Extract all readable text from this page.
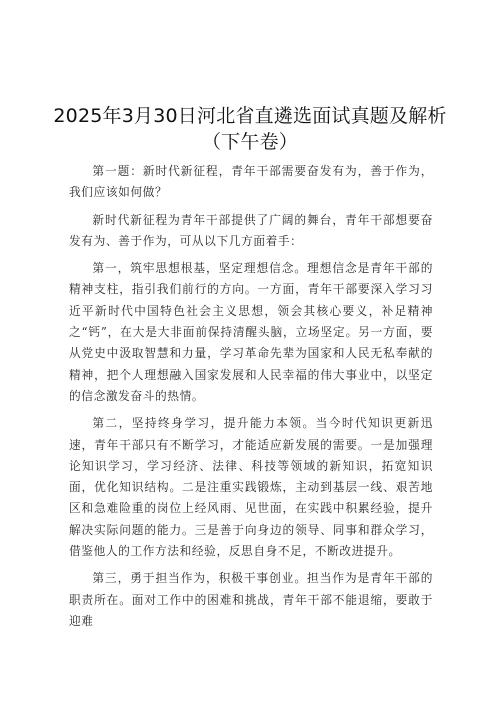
2025年3月30日河北省直遴选面试真题及解析
（下午卷）

第一题：新时代新征程，青年干部需要奋发有为，善于作为，我们应该如何做？

新时代新征程为青年干部提供了广阔的舞台，青年干部想要奋发有为、善于作为，可从以下几方面着手：

第一，筑牢思想根基，坚定理想信念。理想信念是青年干部的精神支柱，指引我们前行的方向。一方面，青年干部要深入学习习近平新时代中国特色社会主义思想，领会其核心要义，补足精神之“钙”，在大是大非面前保持清醒头脑，立场坚定。另一方面，要从党史中汲取智慧和力量，学习革命先辈为国家和人民无私奉献的精神，把个人理想融入国家发展和人民幸福的伟大事业中，以坚定的信念激发奋斗的热情。

第二，坚持终身学习，提升能力本领。当今时代知识更新迅速，青年干部只有不断学习，才能适应新发展的需要。一是加强理论知识学习，学习经济、法律、科技等领域的新知识，拓宽知识面，优化知识结构。二是注重实践锻炼，主动到基层一线、艰苦地区和急难险重的岗位上经风雨、见世面，在实践中积累经验，提升解决实际问题的能力。三是善于向身边的领导、同事和群众学习，借鉴他人的工作方法和经验，反思自身不足，不断改进提升。

第三，勇于担当作为，积极干事创业。担当作为是青年干部的职责所在。面对工作中的困难和挑战，青年干部不能退缩，要敢于迎难
